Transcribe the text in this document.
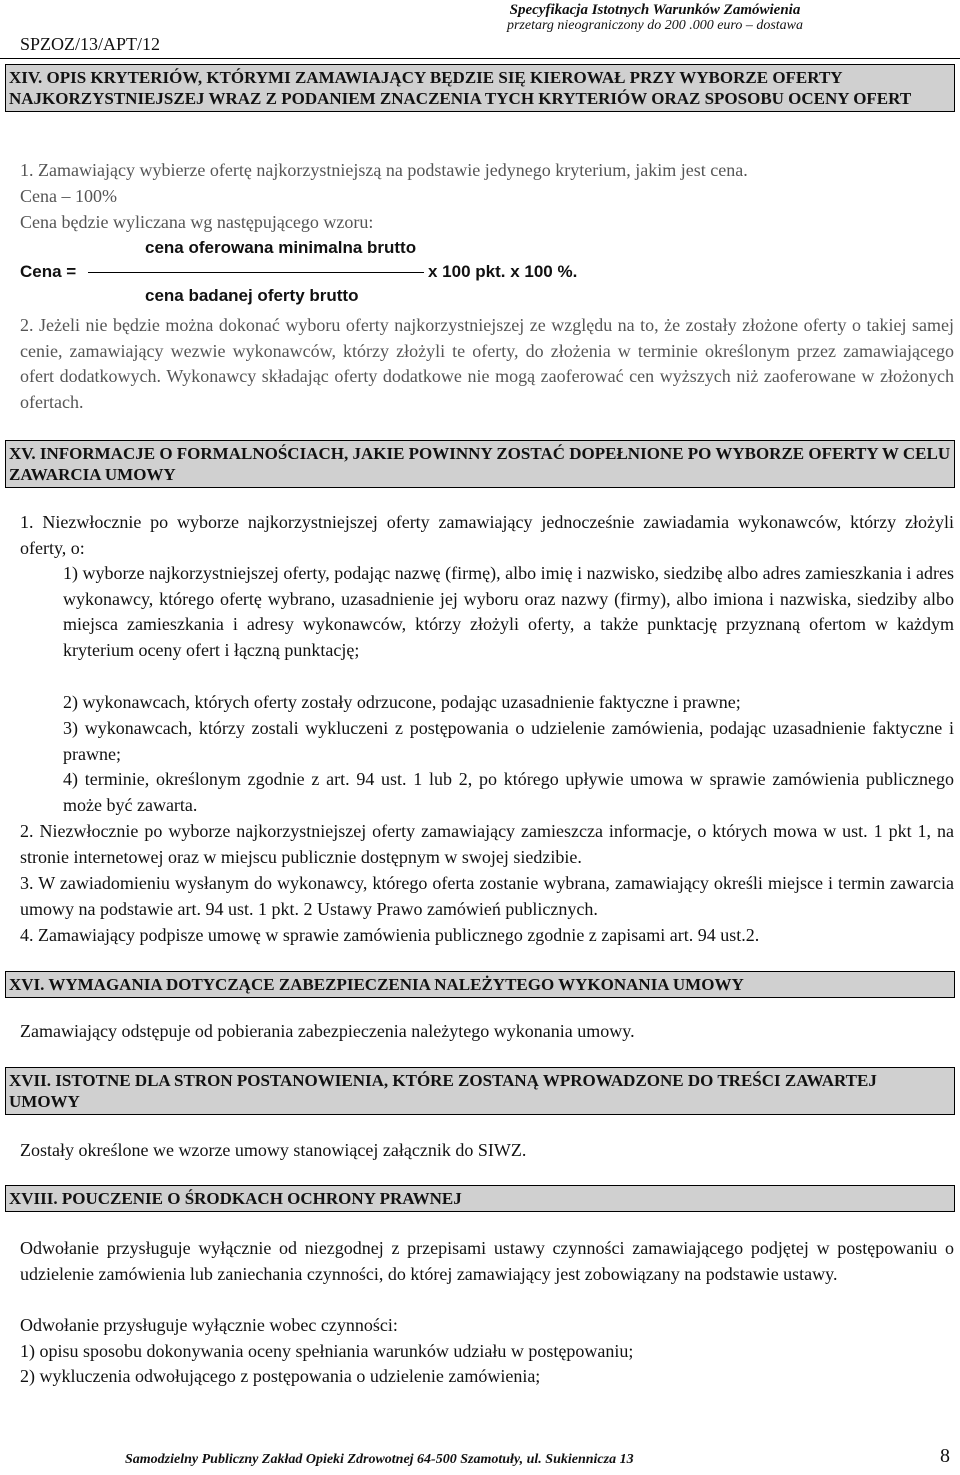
SPZOZ/13/APT/12
Specyfikacja Istotnych Warunków Zamówienia
przetarg nieograniczony do 200 .000 euro – dostawa
XIV. OPIS KRYTERIÓW, KTÓRYMI ZAMAWIAJĄCY BĘDZIE SIĘ KIEROWAŁ PRZY WYBORZE OFERTY NAJKORZYSTNIEJSZEJ WRAZ Z PODANIEM ZNACZENIA TYCH KRYTERIÓW ORAZ SPOSOBU OCENY OFERT

1. Zamawiający wybierze ofertę najkorzystniejszą na podstawie jedynego kryterium, jakim jest cena.

Cena – 100%

Cena będzie wyliczana wg następującego wzoru:

cena oferowana minimalna brutto
Cena =	x 100 pkt. x 100 %.
cena badanej oferty brutto

2. Jeżeli nie będzie można dokonać wyboru oferty najkorzystniejszej ze względu na to, że zostały złożone oferty o takiej samej cenie, zamawiający wezwie wykonawców, którzy złożyli te oferty, do złożenia w terminie określonym przez zamawiającego ofert dodatkowych. Wykonawcy składając oferty dodatkowe nie mogą zaoferować cen wyższych niż zaoferowane w złożonych ofertach.

XV. INFORMACJE O FORMALNOŚCIACH, JAKIE POWINNY ZOSTAĆ DOPEŁNIONE PO WYBORZE OFERTY W CELU ZAWARCIA UMOWY

1. Niezwłocznie po wyborze najkorzystniejszej oferty zamawiający jednocześnie zawiadamia wykonawców, którzy złożyli oferty, o:

1) wyborze najkorzystniejszej oferty, podając nazwę (firmę), albo imię i nazwisko, siedzibę albo adres zamieszkania i adres wykonawcy, którego ofertę wybrano, uzasadnienie jej wyboru oraz nazwy (firmy), albo imiona i nazwiska, siedziby albo miejsca zamieszkania i adresy wykonawców, którzy złożyli oferty, a także punktację przyznaną ofertom w każdym kryterium oceny ofert i łączną punktację;

2) wykonawcach, których oferty zostały odrzucone, podając uzasadnienie faktyczne i prawne;

3) wykonawcach, którzy zostali wykluczeni z postępowania o udzielenie zamówienia, podając uzasadnienie faktyczne i prawne;

4) terminie, określonym zgodnie z art. 94 ust. 1 lub 2, po którego upływie umowa w sprawie zamówienia publicznego może być zawarta.

2. Niezwłocznie po wyborze najkorzystniejszej oferty zamawiający zamieszcza informacje, o których mowa w ust. 1 pkt 1, na stronie internetowej oraz w miejscu publicznie dostępnym w swojej siedzibie.

3. W zawiadomieniu wysłanym do wykonawcy, którego oferta zostanie wybrana, zamawiający określi miejsce i termin zawarcia umowy na podstawie art. 94 ust. 1 pkt. 2 Ustawy Prawo zamówień publicznych.

4. Zamawiający podpisze umowę w sprawie zamówienia publicznego zgodnie z zapisami art. 94 ust.2.

XVI. WYMAGANIA DOTYCZĄCE ZABEZPIECZENIA NALEŻYTEGO WYKONANIA UMOWY

Zamawiający odstępuje od pobierania zabezpieczenia należytego wykonania umowy.

XVII. ISTOTNE DLA STRON POSTANOWIENIA, KTÓRE ZOSTANĄ WPROWADZONE DO TREŚCI ZAWARTEJ UMOWY

Zostały określone we wzorze umowy stanowiącej załącznik do SIWZ.

XVIII. POUCZENIE O ŚRODKACH OCHRONY PRAWNEJ

Odwołanie przysługuje wyłącznie od niezgodnej z przepisami ustawy czynności zamawiającego podjętej w postępowaniu o udzielenie zamówienia lub zaniechania czynności, do której zamawiający jest zobowiązany na podstawie ustawy.

Odwołanie przysługuje wyłącznie wobec czynności:

1) opisu sposobu dokonywania oceny spełniania warunków udziału w postępowaniu;

2) wykluczenia odwołującego z postępowania o udzielenie zamówienia;

Samodzielny Publiczny Zakład Opieki Zdrowotnej 64-500 Szamotuły, ul. Sukiennicza 13	8
